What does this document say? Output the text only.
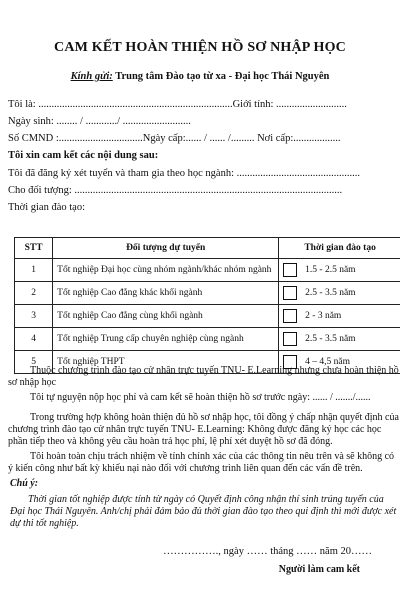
CAM KẾT HOÀN THIỆN HỒ SƠ NHẬP HỌC
Kính gửi: Trung tâm Đào tạo từ xa - Đại học Thái Nguyên
Tôi là: ..........................................................................Giới tính: ...........................
Ngày sinh: ........ / ............/ ..........................
Số CMND :................................Ngày cấp:...... / ...... /......... Nơi cấp:..................
Tôi xin cam kết các nội dung sau:
Tôi đã đăng ký xét tuyển và tham gia theo học ngành: ...............................................
Cho đối tượng: ......................................................................................................
Thời gian đào tạo:
STT	Đối tượng dự tuyển	Thời gian đào tạo
1	Tốt nghiệp Đại học cùng nhóm ngành/khác nhóm ngành	1.5 - 2.5 năm
2	Tốt nghiệp Cao đẳng khác khối ngành	2.5 - 3.5 năm
3	Tốt nghiệp Cao đẳng cùng khối ngành	2 - 3 năm
4	Tốt nghiệp Trung cấp chuyên nghiệp cùng ngành	2.5 - 3.5 năm
5	Tốt nghiệp THPT	4 – 4,5 năm
Thuộc chương trình đào tạo cử nhân trực tuyến TNU- E.Learning nhưng chưa hoàn thiện hồ sơ nhập học
Tôi tự nguyện nộp học phí và cam kết sẽ hoàn thiện hồ sơ trước ngày: ...... / ......./......
Trong trường hợp không hoàn thiện đủ hồ sơ nhập học, tôi đồng ý chấp nhận quyết định của chương trình đào tạo cử nhân trực tuyến TNU- E.Learning: Không được đăng ký học các học phần tiếp theo và không yêu cầu hoàn trả học phí, lệ phí xét duyệt hồ sơ đã đóng.
Tôi hoàn toàn chịu trách nhiệm về tính chính xác của các thông tin nêu trên và sẽ không có ý kiến công như bất kỳ khiếu nại nào đối với chương trình liên quan đến các vấn đề trên.
Chú ý:
Thời gian tốt nghiệp được tính từ ngày có Quyết định công nhận thí sinh trúng tuyển của Đại học Thái Nguyên. Anh/chị phải đảm bảo đủ thời gian đào tạo theo qui định thì mới được xét dự thi tốt nghiệp.
……………., ngày …… tháng …… năm 20……
Người làm cam kết
